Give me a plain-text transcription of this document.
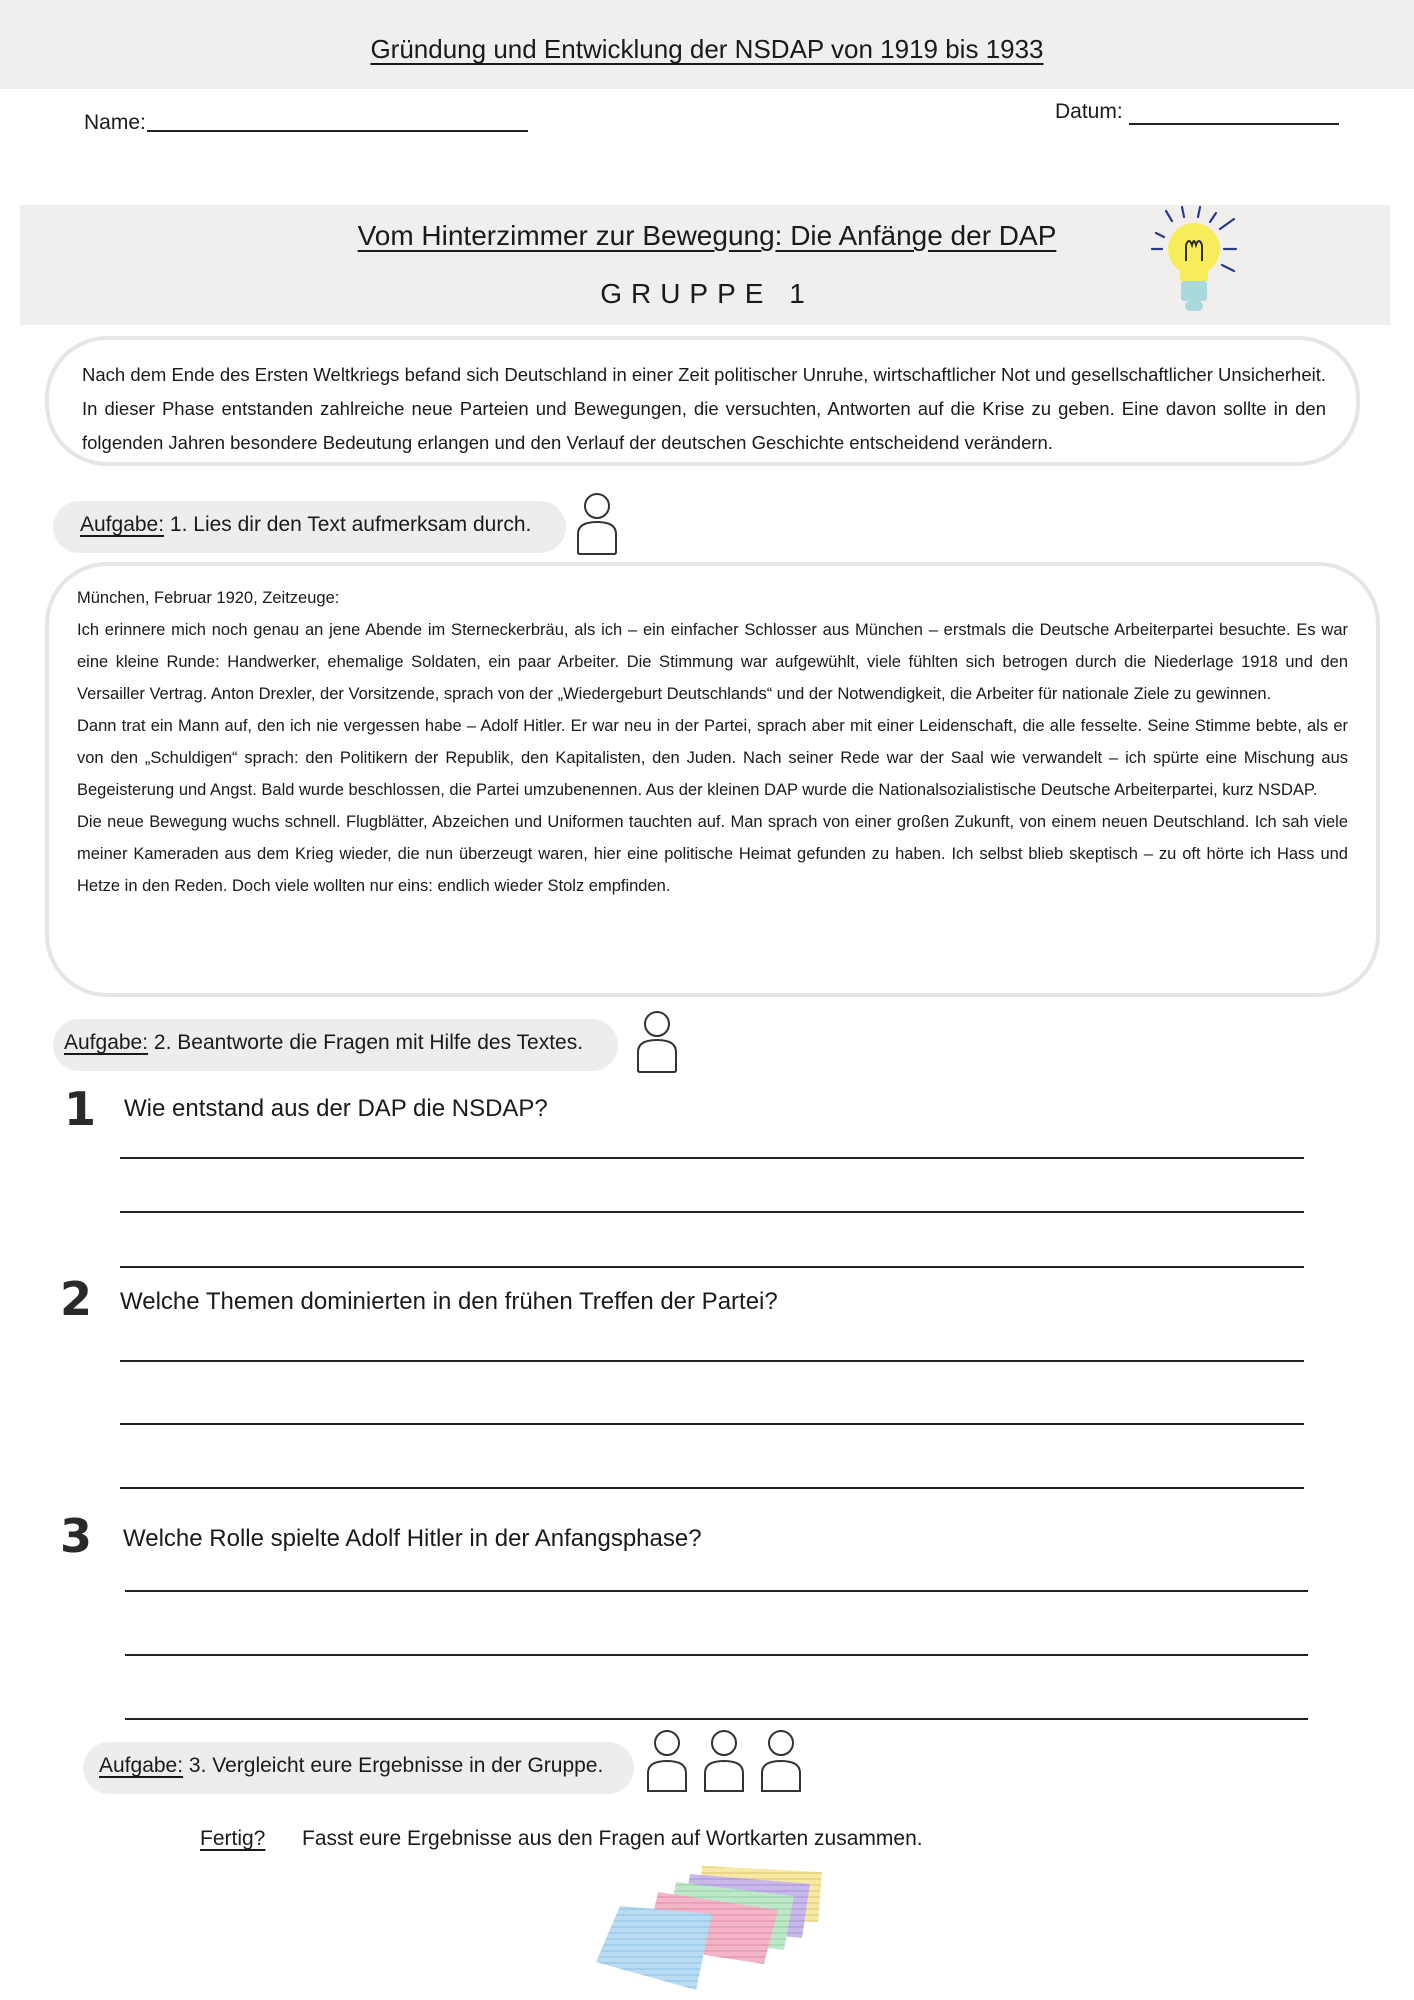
Gründung und Entwicklung der NSDAP von 1919 bis 1933
Name:	Datum:
Vom Hinterzimmer zur Bewegung: Die Anfänge der DAP
GRUPPE 1
Nach dem Ende des Ersten Weltkriegs befand sich Deutschland in einer Zeit politischer Unruhe, wirtschaftlicher Not und gesellschaftlicher Unsicherheit. In dieser Phase entstanden zahlreiche neue Parteien und Bewegungen, die versuchten, Antworten auf die Krise zu geben. Eine davon sollte in den folgenden Jahren besondere Bedeutung erlangen und den Verlauf der deutschen Geschichte entscheidend verändern.
Aufgabe: 1. Lies dir den Text aufmerksam durch.

München, Februar 1920, Zeitzeuge:

Ich erinnere mich noch genau an jene Abende im Sterneckerbräu, als ich – ein einfacher Schlosser aus München – erstmals die Deutsche Arbeiterpartei besuchte. Es war eine kleine Runde: Handwerker, ehemalige Soldaten, ein paar Arbeiter. Die Stimmung war aufgewühlt, viele fühlten sich betrogen durch die Niederlage 1918 und den Versailler Vertrag. Anton Drexler, der Vorsitzende, sprach von der „Wiedergeburt Deutschlands“ und der Notwendigkeit, die Arbeiter für nationale Ziele zu gewinnen.

Dann trat ein Mann auf, den ich nie vergessen habe – Adolf Hitler. Er war neu in der Partei, sprach aber mit einer Leidenschaft, die alle fesselte. Seine Stimme bebte, als er von den „Schuldigen“ sprach: den Politikern der Republik, den Kapitalisten, den Juden. Nach seiner Rede war der Saal wie verwandelt – ich spürte eine Mischung aus Begeisterung und Angst. Bald wurde beschlossen, die Partei umzubenennen. Aus der kleinen DAP wurde die Nationalsozialistische Deutsche Arbeiterpartei, kurz NSDAP.

Die neue Bewegung wuchs schnell. Flugblätter, Abzeichen und Uniformen tauchten auf. Man sprach von einer großen Zukunft, von einem neuen Deutschland. Ich sah viele meiner Kameraden aus dem Krieg wieder, die nun überzeugt waren, hier eine politische Heimat gefunden zu haben. Ich selbst blieb skeptisch – zu oft hörte ich Hass und Hetze in den Reden. Doch viele wollten nur eins: endlich wieder Stolz empfinden.

Aufgabe: 2. Beantworte die Fragen mit Hilfe des Textes.
1 Wie entstand aus der DAP die NSDAP?
2 Welche Themen dominierten in den frühen Treffen der Partei?
3 Welche Rolle spielte Adolf Hitler in der Anfangsphase?
Aufgabe: 3. Vergleicht eure Ergebnisse in der Gruppe.
Fertig? Fasst eure Ergebnisse aus den Fragen auf Wortkarten zusammen.
